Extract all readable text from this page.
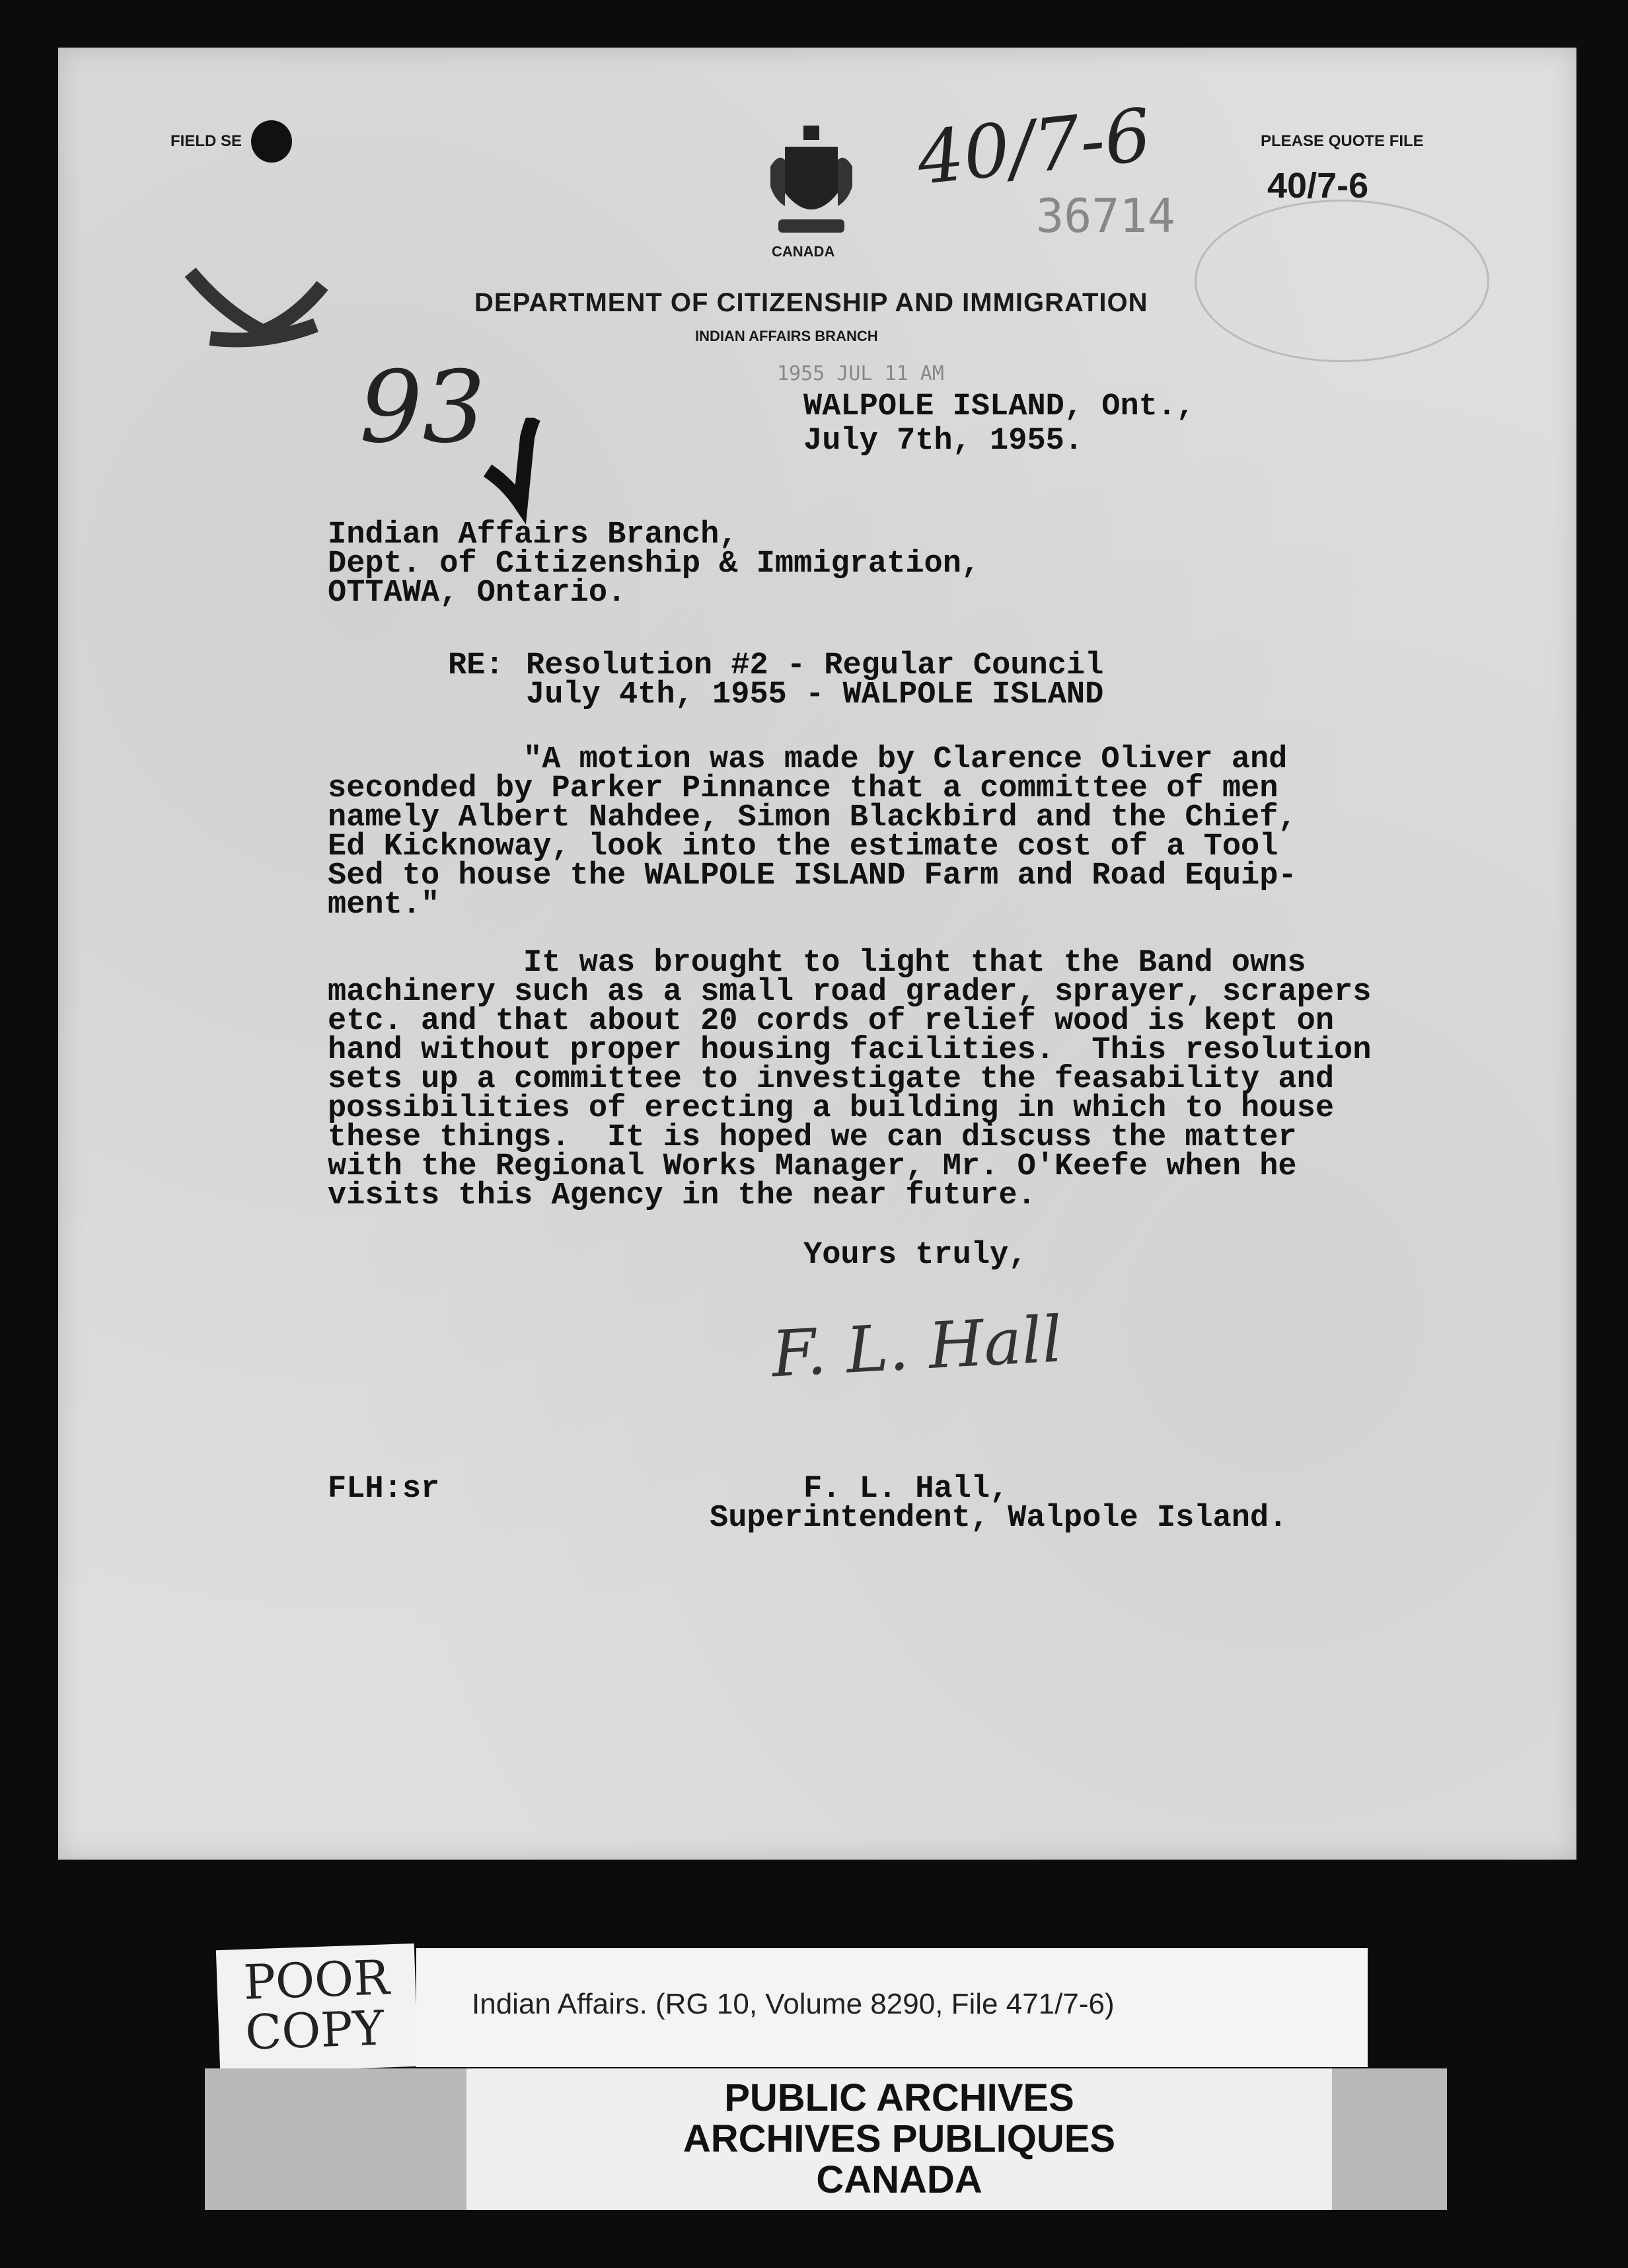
FIELD SE	40/7-6	PLEASE QUOTE FILE
40/7-6
36714
CANADA
DEPARTMENT OF CITIZENSHIP AND IMMIGRATION
INDIAN AFFAIRS BRANCH
1955 JUL 11 AM
93	WALPOLE ISLAND, Ont.,
July 7th, 1955.
Indian Affairs Branch,
Dept. of Citizenship & Immigration,
OTTAWA, Ontario.
RE: Resolution #2 - Regular Council
July 4th, 1955 - WALPOLE ISLAND
"A motion was made by Clarence Oliver and
seconded by Parker Pinnance that a committee of men
namely Albert Nahdee, Simon Blackbird and the Chief,
Ed Kicknoway, look into the estimate cost of a Tool
Sed to house the WALPOLE ISLAND Farm and Road Equip-
ment."
It was brought to light that the Band owns
machinery such as a small road grader, sprayer, scrapers
etc. and that about 20 cords of relief wood is kept on
hand without proper housing facilities.  This resolution
sets up a committee to investigate the feasability and
possibilities of erecting a building in which to house
these things.  It is hoped we can discuss the matter
with the Regional Works Manager, Mr. O'Keefe when he
visits this Agency in the near future.
Yours truly,
F. L. Hall
FLH:sr	F. L. Hall,
Superintendent, Walpole Island.
POOR
COPY	Indian Affairs. (RG 10, Volume 8290, File 471/7-6)
PUBLIC ARCHIVES
ARCHIVES PUBLIQUES
CANADA
